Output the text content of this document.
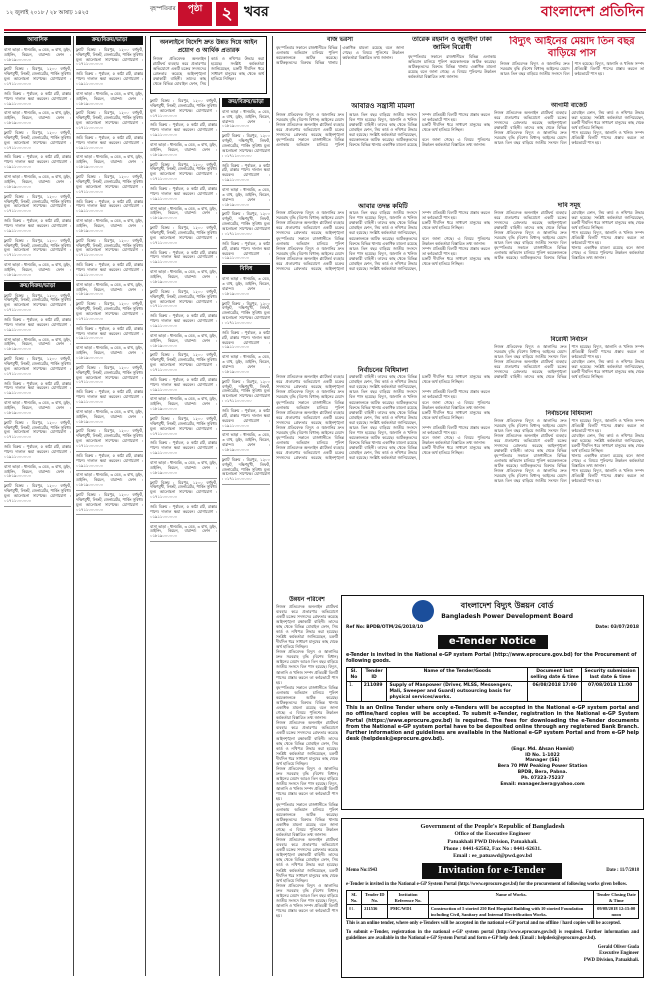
১২ জুলাই ২০১৮ / ২৮ আষাঢ় ১৪২৫
বৃহস্পতিবার	পৃষ্ঠা	২ খবর	বাংলাদেশ প্রতিদিন
আবাসিক
বাসা ভাড়া : ধানমন্ডি, ৩ বেড, ৩ বাথ, ড্রইং, ডাইনিং, কিচেন, বারান্দা। ফোন : ০১৮১৯০০০০০০
ফ্ল্যাট বিক্রয় : মিরপুর, ১২০০ বর্গফুট, দক্ষিণমুখী, লিফট, জেনারেটর, পার্কিং সুবিধা। মূল্য আলোচনা সাপেক্ষে। যোগাযোগ : ০১৭১১০০০০০০
জমি বিক্রয় : পূর্বাচল, ৫ কাঠা প্লট, রাস্তার পাশে। দালাল ক্ষমা করবেন। যোগাযোগ : ০১৯১১০০০০০০
বাসা ভাড়া : ধানমন্ডি, ৩ বেড, ৩ বাথ, ড্রইং, ডাইনিং, কিচেন, বারান্দা। ফোন : ০১৮১৯০০০০০০
ফ্ল্যাট বিক্রয় : মিরপুর, ১২০০ বর্গফুট, দক্ষিণমুখী, লিফট, জেনারেটর, পার্কিং সুবিধা। মূল্য আলোচনা সাপেক্ষে। যোগাযোগ : ০১৭১১০০০০০০
জমি বিক্রয় : পূর্বাচল, ৫ কাঠা প্লট, রাস্তার পাশে। দালাল ক্ষমা করবেন। যোগাযোগ : ০১৯১১০০০০০০
বাসা ভাড়া : ধানমন্ডি, ৩ বেড, ৩ বাথ, ড্রইং, ডাইনিং, কিচেন, বারান্দা। ফোন : ০১৮১৯০০০০০০
ফ্ল্যাট বিক্রয় : মিরপুর, ১২০০ বর্গফুট, দক্ষিণমুখী, লিফট, জেনারেটর, পার্কিং সুবিধা। মূল্য আলোচনা সাপেক্ষে। যোগাযোগ : ০১৭১১০০০০০০
জমি বিক্রয় : পূর্বাচল, ৫ কাঠা প্লট, রাস্তার পাশে। দালাল ক্ষমা করবেন। যোগাযোগ : ০১৯১১০০০০০০
ফ্ল্যাট বিক্রয় : মিরপুর, ১২০০ বর্গফুট, দক্ষিণমুখী, লিফট, জেনারেটর, পার্কিং সুবিধা। মূল্য আলোচনা সাপেক্ষে। যোগাযোগ : ০১৭১১০০০০০০
বাসা ভাড়া : ধানমন্ডি, ৩ বেড, ৩ বাথ, ড্রইং, ডাইনিং, কিচেন, বারান্দা। ফোন : ০১৮১৯০০০০০০
ক্রয়/বিক্রয়/ভাড়া
ফ্ল্যাট বিক্রয় : মিরপুর, ১২০০ বর্গফুট, দক্ষিণমুখী, লিফট, জেনারেটর, পার্কিং সুবিধা। মূল্য আলোচনা সাপেক্ষে। যোগাযোগ : ০১৭১১০০০০০০
জমি বিক্রয় : পূর্বাচল, ৫ কাঠা প্লট, রাস্তার পাশে। দালাল ক্ষমা করবেন। যোগাযোগ : ০১৯১১০০০০০০
বাসা ভাড়া : ধানমন্ডি, ৩ বেড, ৩ বাথ, ড্রইং, ডাইনিং, কিচেন, বারান্দা। ফোন : ০১৮১৯০০০০০০
ফ্ল্যাট বিক্রয় : মিরপুর, ১২০০ বর্গফুট, দক্ষিণমুখী, লিফট, জেনারেটর, পার্কিং সুবিধা। মূল্য আলোচনা সাপেক্ষে। যোগাযোগ : ০১৭১১০০০০০০
জমি বিক্রয় : পূর্বাচল, ৫ কাঠা প্লট, রাস্তার পাশে। দালাল ক্ষমা করবেন। যোগাযোগ : ০১৯১১০০০০০০
বাসা ভাড়া : ধানমন্ডি, ৩ বেড, ৩ বাথ, ড্রইং, ডাইনিং, কিচেন, বারান্দা। ফোন : ০১৮১৯০০০০০০
ফ্ল্যাট বিক্রয় : মিরপুর, ১২০০ বর্গফুট, দক্ষিণমুখী, লিফট, জেনারেটর, পার্কিং সুবিধা। মূল্য আলোচনা সাপেক্ষে। যোগাযোগ : ০১৭১১০০০০০০
জমি বিক্রয় : পূর্বাচল, ৫ কাঠা প্লট, রাস্তার পাশে। দালাল ক্ষমা করবেন। যোগাযোগ : ০১৯১১০০০০০০
বাসা ভাড়া : ধানমন্ডি, ৩ বেড, ৩ বাথ, ড্রইং, ডাইনিং, কিচেন, বারান্দা। ফোন : ০১৮১৯০০০০০০
ফ্ল্যাট বিক্রয় : মিরপুর, ১২০০ বর্গফুট, দক্ষিণমুখী, লিফট, জেনারেটর, পার্কিং সুবিধা। মূল্য আলোচনা সাপেক্ষে। যোগাযোগ : ০১৭১১০০০০০০
ক্রয়/বিক্রয়/ভাড়া
ফ্ল্যাট বিক্রয় : মিরপুর, ১২০০ বর্গফুট, দক্ষিণমুখী, লিফট, জেনারেটর, পার্কিং সুবিধা। মূল্য আলোচনা সাপেক্ষে। যোগাযোগ : ০১৭১১০০০০০০
জমি বিক্রয় : পূর্বাচল, ৫ কাঠা প্লট, রাস্তার পাশে। দালাল ক্ষমা করবেন। যোগাযোগ : ০১৯১১০০০০০০
বাসা ভাড়া : ধানমন্ডি, ৩ বেড, ৩ বাথ, ড্রইং, ডাইনিং, কিচেন, বারান্দা। ফোন : ০১৮১৯০০০০০০
ফ্ল্যাট বিক্রয় : মিরপুর, ১২০০ বর্গফুট, দক্ষিণমুখী, লিফট, জেনারেটর, পার্কিং সুবিধা। মূল্য আলোচনা সাপেক্ষে। যোগাযোগ : ০১৭১১০০০০০০
জমি বিক্রয় : পূর্বাচল, ৫ কাঠা প্লট, রাস্তার পাশে। দালাল ক্ষমা করবেন। যোগাযোগ : ০১৯১১০০০০০০
বাসা ভাড়া : ধানমন্ডি, ৩ বেড, ৩ বাথ, ড্রইং, ডাইনিং, কিচেন, বারান্দা। ফোন : ০১৮১৯০০০০০০
ফ্ল্যাট বিক্রয় : মিরপুর, ১২০০ বর্গফুট, দক্ষিণমুখী, লিফট, জেনারেটর, পার্কিং সুবিধা। মূল্য আলোচনা সাপেক্ষে। যোগাযোগ : ০১৭১১০০০০০০
জমি বিক্রয় : পূর্বাচল, ৫ কাঠা প্লট, রাস্তার পাশে। দালাল ক্ষমা করবেন। যোগাযোগ : ০১৯১১০০০০০০
বাসা ভাড়া : ধানমন্ডি, ৩ বেড, ৩ বাথ, ড্রইং, ডাইনিং, কিচেন, বারান্দা। ফোন : ০১৮১৯০০০০০০
ফ্ল্যাট বিক্রয় : মিরপুর, ১২০০ বর্গফুট, দক্ষিণমুখী, লিফট, জেনারেটর, পার্কিং সুবিধা। মূল্য আলোচনা সাপেক্ষে। যোগাযোগ : ০১৭১১০০০০০০
জমি বিক্রয় : পূর্বাচল, ৫ কাঠা প্লট, রাস্তার পাশে। দালাল ক্ষমা করবেন। যোগাযোগ : ০১৯১১০০০০০০
বাসা ভাড়া : ধানমন্ডি, ৩ বেড, ৩ বাথ, ড্রইং, ডাইনিং, কিচেন, বারান্দা। ফোন : ০১৮১৯০০০০০০
ফ্ল্যাট বিক্রয় : মিরপুর, ১২০০ বর্গফুট, দক্ষিণমুখী, লিফট, জেনারেটর, পার্কিং সুবিধা। মূল্য আলোচনা সাপেক্ষে। যোগাযোগ : ০১৭১১০০০০০০
জমি বিক্রয় : পূর্বাচল, ৫ কাঠা প্লট, রাস্তার পাশে। দালাল ক্ষমা করবেন। যোগাযোগ : ০১৯১১০০০০০০
বাসা ভাড়া : ধানমন্ডি, ৩ বেড, ৩ বাথ, ড্রইং, ডাইনিং, কিচেন, বারান্দা। ফোন : ০১৮১৯০০০০০০
ফ্ল্যাট বিক্রয় : মিরপুর, ১২০০ বর্গফুট, দক্ষিণমুখী, লিফট, জেনারেটর, পার্কিং সুবিধা। মূল্য আলোচনা সাপেক্ষে। যোগাযোগ : ০১৭১১০০০০০০
জমি বিক্রয় : পূর্বাচল, ৫ কাঠা প্লট, রাস্তার পাশে। দালাল ক্ষমা করবেন। যোগাযোগ : ০১৯১১০০০০০০
বাসা ভাড়া : ধানমন্ডি, ৩ বেড, ৩ বাথ, ড্রইং, ডাইনিং, কিচেন, বারান্দা। ফোন : ০১৮১৯০০০০০০
ফ্ল্যাট বিক্রয় : মিরপুর, ১২০০ বর্গফুট, দক্ষিণমুখী, লিফট, জেনারেটর, পার্কিং সুবিধা। মূল্য আলোচনা সাপেক্ষে। যোগাযোগ : ০১৭১১০০০০০০
জমি বিক্রয় : পূর্বাচল, ৫ কাঠা প্লট, রাস্তার পাশে। দালাল ক্ষমা করবেন। যোগাযোগ : ০১৯১১০০০০০০
বাসা ভাড়া : ধানমন্ডি, ৩ বেড, ৩ বাথ, ড্রইং, ডাইনিং, কিচেন, বারান্দা। ফোন : ০১৮১৯০০০০০০
ফ্ল্যাট বিক্রয় : মিরপুর, ১২০০ বর্গফুট, দক্ষিণমুখী, লিফট, জেনারেটর, পার্কিং সুবিধা। মূল্য আলোচনা সাপেক্ষে। যোগাযোগ : ০১৭১১০০০০০০
অনলাইনে বিদেশি দ্রুত উন্নত দিয়ে আইন প্রয়োগ ও আর্থিক প্রতারক
নিজস্ব প্রতিবেদক অনলাইন প্ল্যাটফর্ম ব্যবহার করে প্রতারণার অভিযোগে একটি চক্রের সদস্যদের গ্রেফতার করেছে আইনশৃঙ্খলা রক্ষাকারী বাহিনী। তাদের কাছ থেকে বিভিন্ন মোবাইল ফোন, সিম কার্ড ও নথিপত্র উদ্ধার করা হয়েছে। সংশ্লিষ্ট কর্মকর্তারা জানিয়েছেন, চক্রটি দীর্ঘদিন ধরে সাধারণ মানুষের কাছ থেকে অর্থ হাতিয়ে নিচ্ছিল।
ফ্ল্যাট বিক্রয় : মিরপুর, ১২০০ বর্গফুট, দক্ষিণমুখী, লিফট, জেনারেটর, পার্কিং সুবিধা। মূল্য আলোচনা সাপেক্ষে। যোগাযোগ : ০১৭১১০০০০০০
জমি বিক্রয় : পূর্বাচল, ৫ কাঠা প্লট, রাস্তার পাশে। দালাল ক্ষমা করবেন। যোগাযোগ : ০১৯১১০০০০০০
বাসা ভাড়া : ধানমন্ডি, ৩ বেড, ৩ বাথ, ড্রইং, ডাইনিং, কিচেন, বারান্দা। ফোন : ০১৮১৯০০০০০০
ফ্ল্যাট বিক্রয় : মিরপুর, ১২০০ বর্গফুট, দক্ষিণমুখী, লিফট, জেনারেটর, পার্কিং সুবিধা। মূল্য আলোচনা সাপেক্ষে। যোগাযোগ : ০১৭১১০০০০০০
জমি বিক্রয় : পূর্বাচল, ৫ কাঠা প্লট, রাস্তার পাশে। দালাল ক্ষমা করবেন। যোগাযোগ : ০১৯১১০০০০০০
বাসা ভাড়া : ধানমন্ডি, ৩ বেড, ৩ বাথ, ড্রইং, ডাইনিং, কিচেন, বারান্দা। ফোন : ০১৮১৯০০০০০০
ফ্ল্যাট বিক্রয় : মিরপুর, ১২০০ বর্গফুট, দক্ষিণমুখী, লিফট, জেনারেটর, পার্কিং সুবিধা। মূল্য আলোচনা সাপেক্ষে। যোগাযোগ : ০১৭১১০০০০০০
জমি বিক্রয় : পূর্বাচল, ৫ কাঠা প্লট, রাস্তার পাশে। দালাল ক্ষমা করবেন। যোগাযোগ : ০১৯১১০০০০০০
বাসা ভাড়া : ধানমন্ডি, ৩ বেড, ৩ বাথ, ড্রইং, ডাইনিং, কিচেন, বারান্দা। ফোন : ০১৮১৯০০০০০০
ফ্ল্যাট বিক্রয় : মিরপুর, ১২০০ বর্গফুট, দক্ষিণমুখী, লিফট, জেনারেটর, পার্কিং সুবিধা। মূল্য আলোচনা সাপেক্ষে। যোগাযোগ : ০১৭১১০০০০০০
জমি বিক্রয় : পূর্বাচল, ৫ কাঠা প্লট, রাস্তার পাশে। দালাল ক্ষমা করবেন। যোগাযোগ : ০১৯১১০০০০০০
বাসা ভাড়া : ধানমন্ডি, ৩ বেড, ৩ বাথ, ড্রইং, ডাইনিং, কিচেন, বারান্দা। ফোন : ০১৮১৯০০০০০০
ফ্ল্যাট বিক্রয় : মিরপুর, ১২০০ বর্গফুট, দক্ষিণমুখী, লিফট, জেনারেটর, পার্কিং সুবিধা। মূল্য আলোচনা সাপেক্ষে। যোগাযোগ : ০১৭১১০০০০০০
জমি বিক্রয় : পূর্বাচল, ৫ কাঠা প্লট, রাস্তার পাশে। দালাল ক্ষমা করবেন। যোগাযোগ : ০১৯১১০০০০০০
বাসা ভাড়া : ধানমন্ডি, ৩ বেড, ৩ বাথ, ড্রইং, ডাইনিং, কিচেন, বারান্দা। ফোন : ০১৮১৯০০০০০০
ফ্ল্যাট বিক্রয় : মিরপুর, ১২০০ বর্গফুট, দক্ষিণমুখী, লিফট, জেনারেটর, পার্কিং সুবিধা। মূল্য আলোচনা সাপেক্ষে। যোগাযোগ : ০১৭১১০০০০০০
জমি বিক্রয় : পূর্বাচল, ৫ কাঠা প্লট, রাস্তার পাশে। দালাল ক্ষমা করবেন। যোগাযোগ : ০১৯১১০০০০০০
বাসা ভাড়া : ধানমন্ডি, ৩ বেড, ৩ বাথ, ড্রইং, ডাইনিং, কিচেন, বারান্দা। ফোন : ০১৮১৯০০০০০০
ফ্ল্যাট বিক্রয় : মিরপুর, ১২০০ বর্গফুট, দক্ষিণমুখী, লিফট, জেনারেটর, পার্কিং সুবিধা। মূল্য আলোচনা সাপেক্ষে। যোগাযোগ : ০১৭১১০০০০০০
জমি বিক্রয় : পূর্বাচল, ৫ কাঠা প্লট, রাস্তার পাশে। দালাল ক্ষমা করবেন। যোগাযোগ : ০১৯১১০০০০০০
বাসা ভাড়া : ধানমন্ডি, ৩ বেড, ৩ বাথ, ড্রইং, ডাইনিং, কিচেন, বারান্দা। ফোন : ০১৮১৯০০০০০০
ক্রয়/বিক্রয়/ভাড়া
বাসা ভাড়া : ধানমন্ডি, ৩ বেড, ৩ বাথ, ড্রইং, ডাইনিং, কিচেন, বারান্দা। ফোন : ০১৮১৯০০০০০০
ফ্ল্যাট বিক্রয় : মিরপুর, ১২০০ বর্গফুট, দক্ষিণমুখী, লিফট, জেনারেটর, পার্কিং সুবিধা। মূল্য আলোচনা সাপেক্ষে। যোগাযোগ : ০১৭১১০০০০০০
জমি বিক্রয় : পূর্বাচল, ৫ কাঠা প্লট, রাস্তার পাশে। দালাল ক্ষমা করবেন। যোগাযোগ : ০১৯১১০০০০০০
বাসা ভাড়া : ধানমন্ডি, ৩ বেড, ৩ বাথ, ড্রইং, ডাইনিং, কিচেন, বারান্দা। ফোন : ০১৮১৯০০০০০০
ফ্ল্যাট বিক্রয় : মিরপুর, ১২০০ বর্গফুট, দক্ষিণমুখী, লিফট, জেনারেটর, পার্কিং সুবিধা। মূল্য আলোচনা সাপেক্ষে। যোগাযোগ : ০১৭১১০০০০০০
জমি বিক্রয় : পূর্বাচল, ৫ কাঠা প্লট, রাস্তার পাশে। দালাল ক্ষমা করবেন। যোগাযোগ : ০১৯১১০০০০০০
বিবিধ
বাসা ভাড়া : ধানমন্ডি, ৩ বেড, ৩ বাথ, ড্রইং, ডাইনিং, কিচেন, বারান্দা। ফোন : ০১৮১৯০০০০০০
ফ্ল্যাট বিক্রয় : মিরপুর, ১২০০ বর্গফুট, দক্ষিণমুখী, লিফট, জেনারেটর, পার্কিং সুবিধা। মূল্য আলোচনা সাপেক্ষে। যোগাযোগ : ০১৭১১০০০০০০
জমি বিক্রয় : পূর্বাচল, ৫ কাঠা প্লট, রাস্তার পাশে। দালাল ক্ষমা করবেন। যোগাযোগ : ০১৯১১০০০০০০
বাসা ভাড়া : ধানমন্ডি, ৩ বেড, ৩ বাথ, ড্রইং, ডাইনিং, কিচেন, বারান্দা। ফোন : ০১৮১৯০০০০০০
ফ্ল্যাট বিক্রয় : মিরপুর, ১২০০ বর্গফুট, দক্ষিণমুখী, লিফট, জেনারেটর, পার্কিং সুবিধা। মূল্য আলোচনা সাপেক্ষে। যোগাযোগ : ০১৭১১০০০০০০
জমি বিক্রয় : পূর্বাচল, ৫ কাঠা প্লট, রাস্তার পাশে। দালাল ক্ষমা করবেন। যোগাযোগ : ০১৯১১০০০০০০
বাসা ভাড়া : ধানমন্ডি, ৩ বেড, ৩ বাথ, ড্রইং, ডাইনিং, কিচেন, বারান্দা। ফোন : ০১৮১৯০০০০০০
ফ্ল্যাট বিক্রয় : মিরপুর, ১২০০ বর্গফুট, দক্ষিণমুখী, লিফট, জেনারেটর, পার্কিং সুবিধা। মূল্য আলোচনা সাপেক্ষে। যোগাযোগ : ০১৭১১০০০০০০
বাজ ভরসা
বৃহস্পতিবার সকালে রাজধানীতে বিভিন্ন এলাকায় অভিযান চালিয়ে পুলিশ কয়েকজনকে আটক করেছে। আটককৃতদের বিরুদ্ধে বিভিন্ন থানায় একাধিক মামলা রয়েছে বলে জানা গেছে। এ বিষয়ে পুলিশের উর্ধ্বতন কর্মকর্তারা বিস্তারিত তথ্য জানান।
তারেক রহমান ও জুবাইদা ঢাকা জামিন বিরোধী
বৃহস্পতিবার সকালে রাজধানীতে বিভিন্ন এলাকায় অভিযান চালিয়ে পুলিশ কয়েকজনকে আটক করেছে। আটককৃতদের বিরুদ্ধে বিভিন্ন থানায় একাধিক মামলা রয়েছে বলে জানা গেছে। এ বিষয়ে পুলিশের উর্ধ্বতন কর্মকর্তারা বিস্তারিত তথ্য জানান।
বিদ্যুৎ আইনের মেয়াদ তিন বছর বাড়িয়ে পাস
নিজস্ব প্রতিবেদক বিদ্যুৎ ও জ্বালানির দ্রুত সরবরাহ বৃদ্ধি (বিশেষ বিধান) আইনের মেয়াদ আরও তিন বছর বাড়িয়ে জাতীয় সংসদে বিল পাস হয়েছে। বিদ্যুৎ, জ্বালানি ও খনিজ সম্পদ প্রতিমন্ত্রী বিলটি পাসের প্রস্তাব করলে তা কণ্ঠভোটে পাস হয়।
আবারও সন্ত্রাসী মামলা
নিজস্ব প্রতিবেদক বিদ্যুৎ ও জ্বালানির দ্রুত সরবরাহ বৃদ্ধি (বিশেষ বিধান) আইনের মেয়াদ আরও তিন বছর বাড়িয়ে জাতীয় সংসদে বিল পাস হয়েছে। বিদ্যুৎ, জ্বালানি ও খনিজ সম্পদ প্রতিমন্ত্রী বিলটি পাসের প্রস্তাব করলে তা কণ্ঠভোটে পাস হয়।
নিজস্ব প্রতিবেদক অনলাইন প্ল্যাটফর্ম ব্যবহার করে প্রতারণার অভিযোগে একটি চক্রের সদস্যদের গ্রেফতার করেছে আইনশৃঙ্খলা রক্ষাকারী বাহিনী। তাদের কাছ থেকে বিভিন্ন মোবাইল ফোন, সিম কার্ড ও নথিপত্র উদ্ধার করা হয়েছে। সংশ্লিষ্ট কর্মকর্তারা জানিয়েছেন, চক্রটি দীর্ঘদিন ধরে সাধারণ মানুষের কাছ থেকে অর্থ হাতিয়ে নিচ্ছিল।
বৃহস্পতিবার সকালে রাজধানীতে বিভিন্ন এলাকায় অভিযান চালিয়ে পুলিশ কয়েকজনকে আটক করেছে। আটককৃতদের বিরুদ্ধে বিভিন্ন থানায় একাধিক মামলা রয়েছে বলে জানা গেছে। এ বিষয়ে পুলিশের উর্ধ্বতন কর্মকর্তারা বিস্তারিত তথ্য জানান।
আগামী বাজেট
নিজস্ব প্রতিবেদক অনলাইন প্ল্যাটফর্ম ব্যবহার করে প্রতারণার অভিযোগে একটি চক্রের সদস্যদের গ্রেফতার করেছে আইনশৃঙ্খলা রক্ষাকারী বাহিনী। তাদের কাছ থেকে বিভিন্ন মোবাইল ফোন, সিম কার্ড ও নথিপত্র উদ্ধার করা হয়েছে। সংশ্লিষ্ট কর্মকর্তারা জানিয়েছেন, চক্রটি দীর্ঘদিন ধরে সাধারণ মানুষের কাছ থেকে অর্থ হাতিয়ে নিচ্ছিল।
নিজস্ব প্রতিবেদক বিদ্যুৎ ও জ্বালানির দ্রুত সরবরাহ বৃদ্ধি (বিশেষ বিধান) আইনের মেয়াদ আরও তিন বছর বাড়িয়ে জাতীয় সংসদে বিল পাস হয়েছে। বিদ্যুৎ, জ্বালানি ও খনিজ সম্পদ প্রতিমন্ত্রী বিলটি পাসের প্রস্তাব করলে তা কণ্ঠভোটে পাস হয়।
আবার তদন্ত কমিটি
নিজস্ব প্রতিবেদক বিদ্যুৎ ও জ্বালানির দ্রুত সরবরাহ বৃদ্ধি (বিশেষ বিধান) আইনের মেয়াদ আরও তিন বছর বাড়িয়ে জাতীয় সংসদে বিল পাস হয়েছে। বিদ্যুৎ, জ্বালানি ও খনিজ সম্পদ প্রতিমন্ত্রী বিলটি পাসের প্রস্তাব করলে তা কণ্ঠভোটে পাস হয়।
নিজস্ব প্রতিবেদক অনলাইন প্ল্যাটফর্ম ব্যবহার করে প্রতারণার অভিযোগে একটি চক্রের সদস্যদের গ্রেফতার করেছে আইনশৃঙ্খলা রক্ষাকারী বাহিনী। তাদের কাছ থেকে বিভিন্ন মোবাইল ফোন, সিম কার্ড ও নথিপত্র উদ্ধার করা হয়েছে। সংশ্লিষ্ট কর্মকর্তারা জানিয়েছেন, চক্রটি দীর্ঘদিন ধরে সাধারণ মানুষের কাছ থেকে অর্থ হাতিয়ে নিচ্ছিল।
বৃহস্পতিবার সকালে রাজধানীতে বিভিন্ন এলাকায় অভিযান চালিয়ে পুলিশ কয়েকজনকে আটক করেছে। আটককৃতদের বিরুদ্ধে বিভিন্ন থানায় একাধিক মামলা রয়েছে বলে জানা গেছে। এ বিষয়ে পুলিশের উর্ধ্বতন কর্মকর্তারা বিস্তারিত তথ্য জানান।
নিজস্ব প্রতিবেদক বিদ্যুৎ ও জ্বালানির দ্রুত সরবরাহ বৃদ্ধি (বিশেষ বিধান) আইনের মেয়াদ আরও তিন বছর বাড়িয়ে জাতীয় সংসদে বিল পাস হয়েছে। বিদ্যুৎ, জ্বালানি ও খনিজ সম্পদ প্রতিমন্ত্রী বিলটি পাসের প্রস্তাব করলে তা কণ্ঠভোটে পাস হয়।
নিজস্ব প্রতিবেদক অনলাইন প্ল্যাটফর্ম ব্যবহার করে প্রতারণার অভিযোগে একটি চক্রের সদস্যদের গ্রেফতার করেছে আইনশৃঙ্খলা রক্ষাকারী বাহিনী। তাদের কাছ থেকে বিভিন্ন মোবাইল ফোন, সিম কার্ড ও নথিপত্র উদ্ধার করা হয়েছে। সংশ্লিষ্ট কর্মকর্তারা জানিয়েছেন, চক্রটি দীর্ঘদিন ধরে সাধারণ মানুষের কাছ থেকে অর্থ হাতিয়ে নিচ্ছিল।
দাবি সমূহ
নিজস্ব প্রতিবেদক অনলাইন প্ল্যাটফর্ম ব্যবহার করে প্রতারণার অভিযোগে একটি চক্রের সদস্যদের গ্রেফতার করেছে আইনশৃঙ্খলা রক্ষাকারী বাহিনী। তাদের কাছ থেকে বিভিন্ন মোবাইল ফোন, সিম কার্ড ও নথিপত্র উদ্ধার করা হয়েছে। সংশ্লিষ্ট কর্মকর্তারা জানিয়েছেন, চক্রটি দীর্ঘদিন ধরে সাধারণ মানুষের কাছ থেকে অর্থ হাতিয়ে নিচ্ছিল।
নিজস্ব প্রতিবেদক বিদ্যুৎ ও জ্বালানির দ্রুত সরবরাহ বৃদ্ধি (বিশেষ বিধান) আইনের মেয়াদ আরও তিন বছর বাড়িয়ে জাতীয় সংসদে বিল পাস হয়েছে। বিদ্যুৎ, জ্বালানি ও খনিজ সম্পদ প্রতিমন্ত্রী বিলটি পাসের প্রস্তাব করলে তা কণ্ঠভোটে পাস হয়।
বৃহস্পতিবার সকালে রাজধানীতে বিভিন্ন এলাকায় অভিযান চালিয়ে পুলিশ কয়েকজনকে আটক করেছে। আটককৃতদের বিরুদ্ধে বিভিন্ন থানায় একাধিক মামলা রয়েছে বলে জানা গেছে। এ বিষয়ে পুলিশের উর্ধ্বতন কর্মকর্তারা বিস্তারিত তথ্য জানান।
বিরোধী নির্বাচন
নিজস্ব প্রতিবেদক বিদ্যুৎ ও জ্বালানির দ্রুত সরবরাহ বৃদ্ধি (বিশেষ বিধান) আইনের মেয়াদ আরও তিন বছর বাড়িয়ে জাতীয় সংসদে বিল পাস হয়েছে। বিদ্যুৎ, জ্বালানি ও খনিজ সম্পদ প্রতিমন্ত্রী বিলটি পাসের প্রস্তাব করলে তা কণ্ঠভোটে পাস হয়।
নিজস্ব প্রতিবেদক অনলাইন প্ল্যাটফর্ম ব্যবহার করে প্রতারণার অভিযোগে একটি চক্রের সদস্যদের গ্রেফতার করেছে আইনশৃঙ্খলা রক্ষাকারী বাহিনী। তাদের কাছ থেকে বিভিন্ন মোবাইল ফোন, সিম কার্ড ও নথিপত্র উদ্ধার করা হয়েছে। সংশ্লিষ্ট কর্মকর্তারা জানিয়েছেন, চক্রটি দীর্ঘদিন ধরে সাধারণ মানুষের কাছ থেকে অর্থ হাতিয়ে নিচ্ছিল।
নির্বাচনের বিধিমালা
নিজস্ব প্রতিবেদক অনলাইন প্ল্যাটফর্ম ব্যবহার করে প্রতারণার অভিযোগে একটি চক্রের সদস্যদের গ্রেফতার করেছে আইনশৃঙ্খলা রক্ষাকারী বাহিনী। তাদের কাছ থেকে বিভিন্ন মোবাইল ফোন, সিম কার্ড ও নথিপত্র উদ্ধার করা হয়েছে। সংশ্লিষ্ট কর্মকর্তারা জানিয়েছেন, চক্রটি দীর্ঘদিন ধরে সাধারণ মানুষের কাছ থেকে অর্থ হাতিয়ে নিচ্ছিল।
নিজস্ব প্রতিবেদক বিদ্যুৎ ও জ্বালানির দ্রুত সরবরাহ বৃদ্ধি (বিশেষ বিধান) আইনের মেয়াদ আরও তিন বছর বাড়িয়ে জাতীয় সংসদে বিল পাস হয়েছে। বিদ্যুৎ, জ্বালানি ও খনিজ সম্পদ প্রতিমন্ত্রী বিলটি পাসের প্রস্তাব করলে তা কণ্ঠভোটে পাস হয়।
বৃহস্পতিবার সকালে রাজধানীতে বিভিন্ন এলাকায় অভিযান চালিয়ে পুলিশ কয়েকজনকে আটক করেছে। আটককৃতদের বিরুদ্ধে বিভিন্ন থানায় একাধিক মামলা রয়েছে বলে জানা গেছে। এ বিষয়ে পুলিশের উর্ধ্বতন কর্মকর্তারা বিস্তারিত তথ্য জানান।
নিজস্ব প্রতিবেদক অনলাইন প্ল্যাটফর্ম ব্যবহার করে প্রতারণার অভিযোগে একটি চক্রের সদস্যদের গ্রেফতার করেছে আইনশৃঙ্খলা রক্ষাকারী বাহিনী। তাদের কাছ থেকে বিভিন্ন মোবাইল ফোন, সিম কার্ড ও নথিপত্র উদ্ধার করা হয়েছে। সংশ্লিষ্ট কর্মকর্তারা জানিয়েছেন, চক্রটি দীর্ঘদিন ধরে সাধারণ মানুষের কাছ থেকে অর্থ হাতিয়ে নিচ্ছিল।
নিজস্ব প্রতিবেদক বিদ্যুৎ ও জ্বালানির দ্রুত সরবরাহ বৃদ্ধি (বিশেষ বিধান) আইনের মেয়াদ আরও তিন বছর বাড়িয়ে জাতীয় সংসদে বিল পাস হয়েছে। বিদ্যুৎ, জ্বালানি ও খনিজ সম্পদ প্রতিমন্ত্রী বিলটি পাসের প্রস্তাব করলে তা কণ্ঠভোটে পাস হয়।
বৃহস্পতিবার সকালে রাজধানীতে বিভিন্ন এলাকায় অভিযান চালিয়ে পুলিশ কয়েকজনকে আটক করেছে। আটককৃতদের বিরুদ্ধে বিভিন্ন থানায় একাধিক মামলা রয়েছে বলে জানা গেছে। এ বিষয়ে পুলিশের উর্ধ্বতন কর্মকর্তারা বিস্তারিত তথ্য জানান।
নিজস্ব প্রতিবেদক অনলাইন প্ল্যাটফর্ম ব্যবহার করে প্রতারণার অভিযোগে একটি চক্রের সদস্যদের গ্রেফতার করেছে আইনশৃঙ্খলা রক্ষাকারী বাহিনী। তাদের কাছ থেকে বিভিন্ন মোবাইল ফোন, সিম কার্ড ও নথিপত্র উদ্ধার করা হয়েছে। সংশ্লিষ্ট কর্মকর্তারা জানিয়েছেন, চক্রটি দীর্ঘদিন ধরে সাধারণ মানুষের কাছ থেকে অর্থ হাতিয়ে নিচ্ছিল।
নির্বাচনের বিধিমালা
নিজস্ব প্রতিবেদক বিদ্যুৎ ও জ্বালানির দ্রুত সরবরাহ বৃদ্ধি (বিশেষ বিধান) আইনের মেয়াদ আরও তিন বছর বাড়িয়ে জাতীয় সংসদে বিল পাস হয়েছে। বিদ্যুৎ, জ্বালানি ও খনিজ সম্পদ প্রতিমন্ত্রী বিলটি পাসের প্রস্তাব করলে তা কণ্ঠভোটে পাস হয়।
নিজস্ব প্রতিবেদক অনলাইন প্ল্যাটফর্ম ব্যবহার করে প্রতারণার অভিযোগে একটি চক্রের সদস্যদের গ্রেফতার করেছে আইনশৃঙ্খলা রক্ষাকারী বাহিনী। তাদের কাছ থেকে বিভিন্ন মোবাইল ফোন, সিম কার্ড ও নথিপত্র উদ্ধার করা হয়েছে। সংশ্লিষ্ট কর্মকর্তারা জানিয়েছেন, চক্রটি দীর্ঘদিন ধরে সাধারণ মানুষের কাছ থেকে অর্থ হাতিয়ে নিচ্ছিল।
বৃহস্পতিবার সকালে রাজধানীতে বিভিন্ন এলাকায় অভিযান চালিয়ে পুলিশ কয়েকজনকে আটক করেছে। আটককৃতদের বিরুদ্ধে বিভিন্ন থানায় একাধিক মামলা রয়েছে বলে জানা গেছে। এ বিষয়ে পুলিশের উর্ধ্বতন কর্মকর্তারা বিস্তারিত তথ্য জানান।
নিজস্ব প্রতিবেদক বিদ্যুৎ ও জ্বালানির দ্রুত সরবরাহ বৃদ্ধি (বিশেষ বিধান) আইনের মেয়াদ আরও তিন বছর বাড়িয়ে জাতীয় সংসদে বিল পাস হয়েছে। বিদ্যুৎ, জ্বালানি ও খনিজ সম্পদ প্রতিমন্ত্রী বিলটি পাসের প্রস্তাব করলে তা কণ্ঠভোটে পাস হয়।
উন্নয়ন পরিবেশ
নিজস্ব প্রতিবেদক অনলাইন প্ল্যাটফর্ম ব্যবহার করে প্রতারণার অভিযোগে একটি চক্রের সদস্যদের গ্রেফতার করেছে আইনশৃঙ্খলা রক্ষাকারী বাহিনী। তাদের কাছ থেকে বিভিন্ন মোবাইল ফোন, সিম কার্ড ও নথিপত্র উদ্ধার করা হয়েছে। সংশ্লিষ্ট কর্মকর্তারা জানিয়েছেন, চক্রটি দীর্ঘদিন ধরে সাধারণ মানুষের কাছ থেকে অর্থ হাতিয়ে নিচ্ছিল।
নিজস্ব প্রতিবেদক বিদ্যুৎ ও জ্বালানির দ্রুত সরবরাহ বৃদ্ধি (বিশেষ বিধান) আইনের মেয়াদ আরও তিন বছর বাড়িয়ে জাতীয় সংসদে বিল পাস হয়েছে। বিদ্যুৎ, জ্বালানি ও খনিজ সম্পদ প্রতিমন্ত্রী বিলটি পাসের প্রস্তাব করলে তা কণ্ঠভোটে পাস হয়।
বৃহস্পতিবার সকালে রাজধানীতে বিভিন্ন এলাকায় অভিযান চালিয়ে পুলিশ কয়েকজনকে আটক করেছে। আটককৃতদের বিরুদ্ধে বিভিন্ন থানায় একাধিক মামলা রয়েছে বলে জানা গেছে। এ বিষয়ে পুলিশের উর্ধ্বতন কর্মকর্তারা বিস্তারিত তথ্য জানান।
নিজস্ব প্রতিবেদক অনলাইন প্ল্যাটফর্ম ব্যবহার করে প্রতারণার অভিযোগে একটি চক্রের সদস্যদের গ্রেফতার করেছে আইনশৃঙ্খলা রক্ষাকারী বাহিনী। তাদের কাছ থেকে বিভিন্ন মোবাইল ফোন, সিম কার্ড ও নথিপত্র উদ্ধার করা হয়েছে। সংশ্লিষ্ট কর্মকর্তারা জানিয়েছেন, চক্রটি দীর্ঘদিন ধরে সাধারণ মানুষের কাছ থেকে অর্থ হাতিয়ে নিচ্ছিল।
নিজস্ব প্রতিবেদক বিদ্যুৎ ও জ্বালানির দ্রুত সরবরাহ বৃদ্ধি (বিশেষ বিধান) আইনের মেয়াদ আরও তিন বছর বাড়িয়ে জাতীয় সংসদে বিল পাস হয়েছে। বিদ্যুৎ, জ্বালানি ও খনিজ সম্পদ প্রতিমন্ত্রী বিলটি পাসের প্রস্তাব করলে তা কণ্ঠভোটে পাস হয়।
বৃহস্পতিবার সকালে রাজধানীতে বিভিন্ন এলাকায় অভিযান চালিয়ে পুলিশ কয়েকজনকে আটক করেছে। আটককৃতদের বিরুদ্ধে বিভিন্ন থানায় একাধিক মামলা রয়েছে বলে জানা গেছে। এ বিষয়ে পুলিশের উর্ধ্বতন কর্মকর্তারা বিস্তারিত তথ্য জানান।
নিজস্ব প্রতিবেদক অনলাইন প্ল্যাটফর্ম ব্যবহার করে প্রতারণার অভিযোগে একটি চক্রের সদস্যদের গ্রেফতার করেছে আইনশৃঙ্খলা রক্ষাকারী বাহিনী। তাদের কাছ থেকে বিভিন্ন মোবাইল ফোন, সিম কার্ড ও নথিপত্র উদ্ধার করা হয়েছে। সংশ্লিষ্ট কর্মকর্তারা জানিয়েছেন, চক্রটি দীর্ঘদিন ধরে সাধারণ মানুষের কাছ থেকে অর্থ হাতিয়ে নিচ্ছিল।
নিজস্ব প্রতিবেদক বিদ্যুৎ ও জ্বালানির দ্রুত সরবরাহ বৃদ্ধি (বিশেষ বিধান) আইনের মেয়াদ আরও তিন বছর বাড়িয়ে জাতীয় সংসদে বিল পাস হয়েছে। বিদ্যুৎ, জ্বালানি ও খনিজ সম্পদ প্রতিমন্ত্রী বিলটি পাসের প্রস্তাব করলে তা কণ্ঠভোটে পাস হয়।
বাংলাদেশ বিদ্যুৎ উন্নয়ন বোর্ড
Bangladesh Power Development Board
Ref No: BPDB/OTM/26/2018/10	Date: 03/07/2018
e-Tender Notice
e-Tender is invited in the National e-GP system Portal (http://www.eprocure.gov.bd) for the Procurement of following goods.
Sl. No	Tender ID	Name of the Tender/Goods	Document last selling date & time	Security submission last date & time
1.	211089	Supply of Manpower (Driver, MLSS, Messengers, Mali, Sweeper and Guard) outsourcing basis for physical services/works.	06/08/2018 17:00	07/08/2018 11:00
This is an Online Tender where only e-Tenders will be accepted in the National e-GP system portal and no offline/hard copies will be accepted. To submit e-Tender, registration in the National e-GP System Portal (https://www.eprocure.gov.bd) is required. The fees for downloading the e-Tender documents from the National e-GP system portal have to be deposited online through any registered Bank Branch. Further information and guidelines are available in the National e-GP system Portal and from e-GP help desk (helpdesk@eprocure.gov.bd).
(Engr. Md. Ahsan Hamid)
ID No. 1-1022
Manager (SE)
Bera 70 MW Peaking Power Station
BPDB, Bera, Pabna.
Ph. 07323-75237
Email: manager.bera@yahoo.com
Government of the People's Republic of Bangladesh
Office of the Executive Engineer
Patuakhali PWD Division, Patuakhali.
Phone : 0441-62562, Fax No : 0441-62631.
Email : ee_patuawd@pwd.gov.bd
Memo No:1943	Invitation for e-Tender	Date : 11/7/2018
e-Tender is invited in the National e-GP System Portal (http://www.eprocure.gov.bd) for the procurement of following works given bellow.
SL No.	Tender ID No.	Invitation Reference No.	Name of Works.	Tender Closing Date & Time
01.	211536	PMC/WD1	Construction of 5 storied 250 Bed Hospital Building with 10 storied Foundation including Civil, Sanitary and Internal Electrification Works.	09/08/2018 12:15:00 noon
This is an online tender, where only e-Tenders will be accepted in the national e-GP portal and no offline / hard copies will be accepted.
To submit e-Tender, registration in the national e-GP system portal (http://www.eprocure.gov.bd) is required. Further information and guidelines are available in the National e-GP System Portal and form e-GP help desk (Email : helpdesk@eprocure.gov.bd).
Gerald Oliver Guda
Executive Engineer
PWD Division, Patuakhali.
